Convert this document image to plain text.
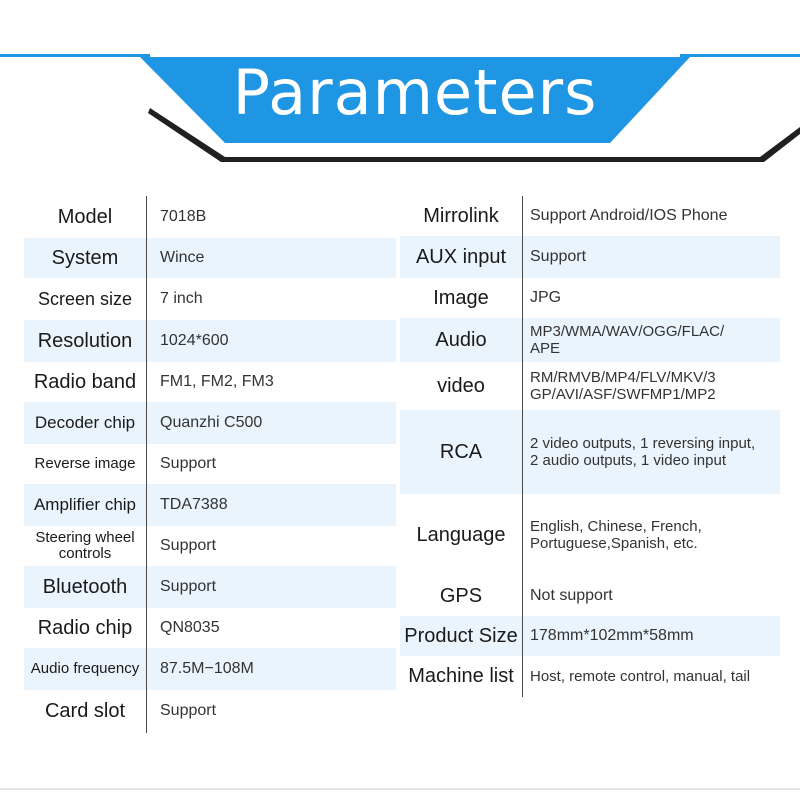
Parameters
Model	7018B
System	Wince
Screen size	7 inch
Resolution	1024*600
Radio band	FM1, FM2, FM3
Decoder chip	Quanzhi C500
Reverse image	Support
Amplifier chip	TDA7388
Steering wheel controls	Support
Bluetooth	Support
Radio chip	QN8035
Audio frequency	87.5M−108M
Card slot	Support
Mirrolink	Support Android/IOS Phone
AUX input	Support
Image	JPG
Audio	MP3/WMA/WAV/OGG/FLAC/
APE
video	RM/RMVB/MP4/FLV/MKV/3
GP/AVI/ASF/SWFMP1/MP2
RCA	2 video outputs, 1 reversing input,
2 audio outputs, 1 video input
Language	English, Chinese, French,
Portuguese,Spanish, etc.
GPS	Not support
Product Size 178mm*102mm*58mm
Machine list	Host, remote control, manual, tail
